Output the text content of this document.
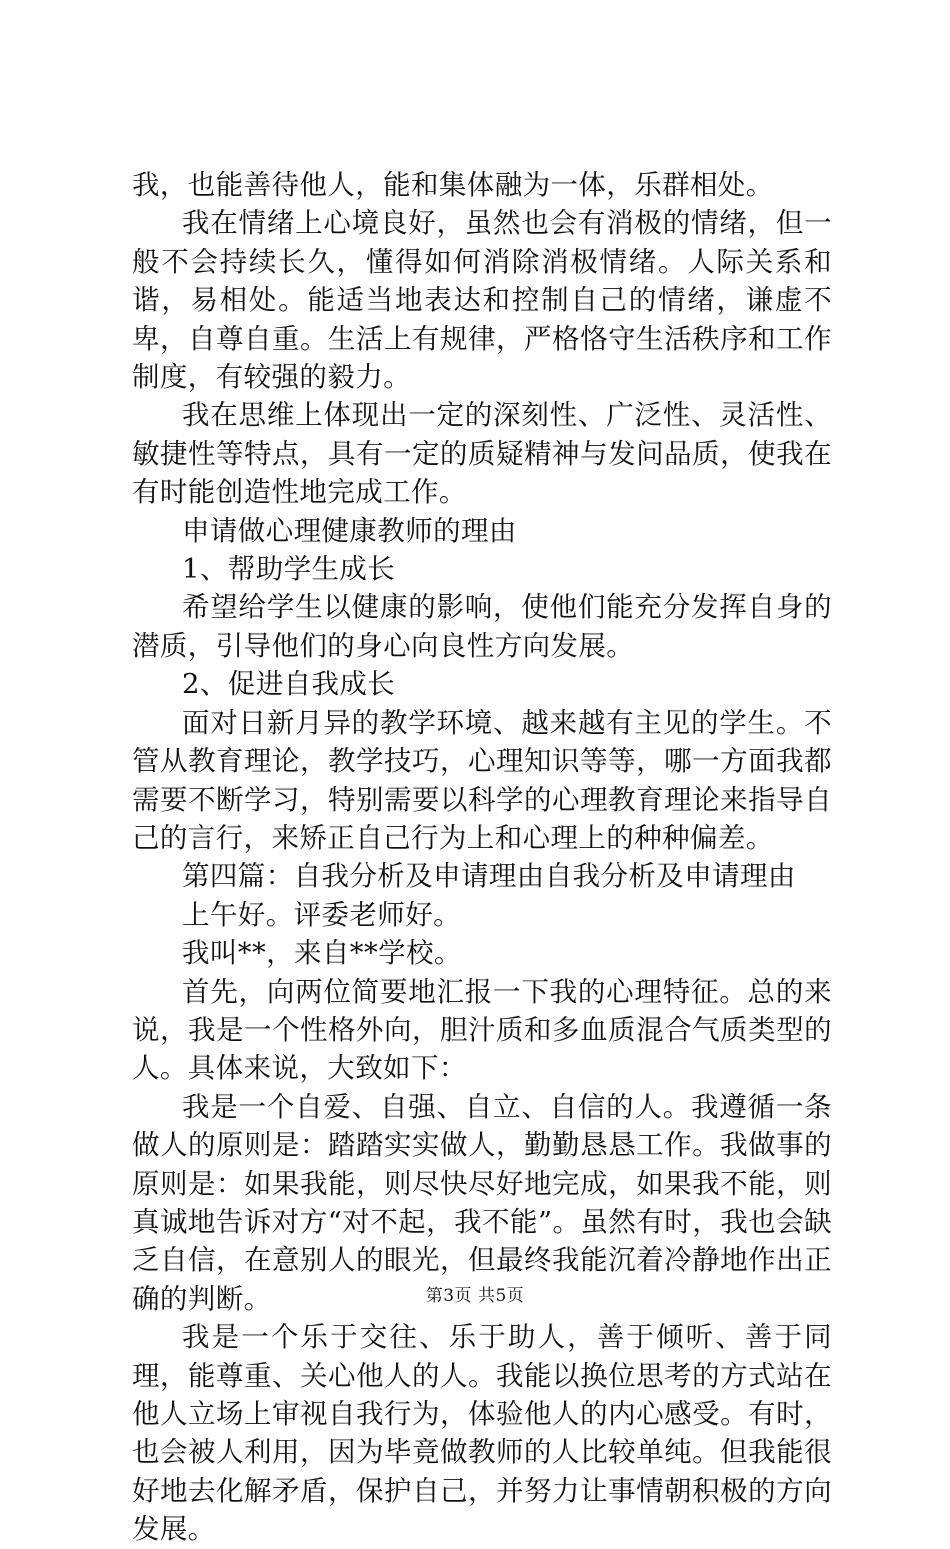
我，也能善待他人，能和集体融为一体，乐群相处。

我在情绪上心境良好，虽然也会有消极的情绪，但一般不会持续长久，懂得如何消除消极情绪。人际关系和谐，易相处。能适当地表达和控制自己的情绪，谦虚不卑，自尊自重。生活上有规律，严格恪守生活秩序和工作制度，有较强的毅力。

我在思维上体现出一定的深刻性、广泛性、灵活性、敏捷性等特点，具有一定的质疑精神与发问品质，使我在有时能创造性地完成工作。

申请做心理健康教师的理由

1、帮助学生成长

希望给学生以健康的影响，使他们能充分发挥自身的潜质，引导他们的身心向良性方向发展。

2、促进自我成长

面对日新月异的教学环境、越来越有主见的学生。不管从教育理论，教学技巧，心理知识等等，哪一方面我都需要不断学习，特别需要以科学的心理教育理论来指导自己的言行，来矫正自己行为上和心理上的种种偏差。

第四篇：自我分析及申请理由自我分析及申请理由

上午好。评委老师好。

我叫**，来自**学校。

首先，向两位简要地汇报一下我的心理特征。总的来说，我是一个性格外向，胆汁质和多血质混合气质类型的人。具体来说，大致如下：

我是一个自爱、自强、自立、自信的人。我遵循一条做人的原则是：踏踏实实做人，勤勤恳恳工作。我做事的原则是：如果我能，则尽快尽好地完成，如果我不能，则真诚地告诉对方“对不起，我不能”。虽然有时，我也会缺乏自信，在意别人的眼光，但最终我能沉着冷静地作出正确的判断。

我是一个乐于交往、乐于助人，善于倾听、善于同理，能尊重、关心他人的人。我能以换位思考的方式站在他人立场上审视自我行为，体验他人的内心感受。有时，也会被人利用，因为毕竟做教师的人比较单纯。但我能很好地去化解矛盾，保护自己，并努力让事情朝积极的方向发展。

第3页 共5页
